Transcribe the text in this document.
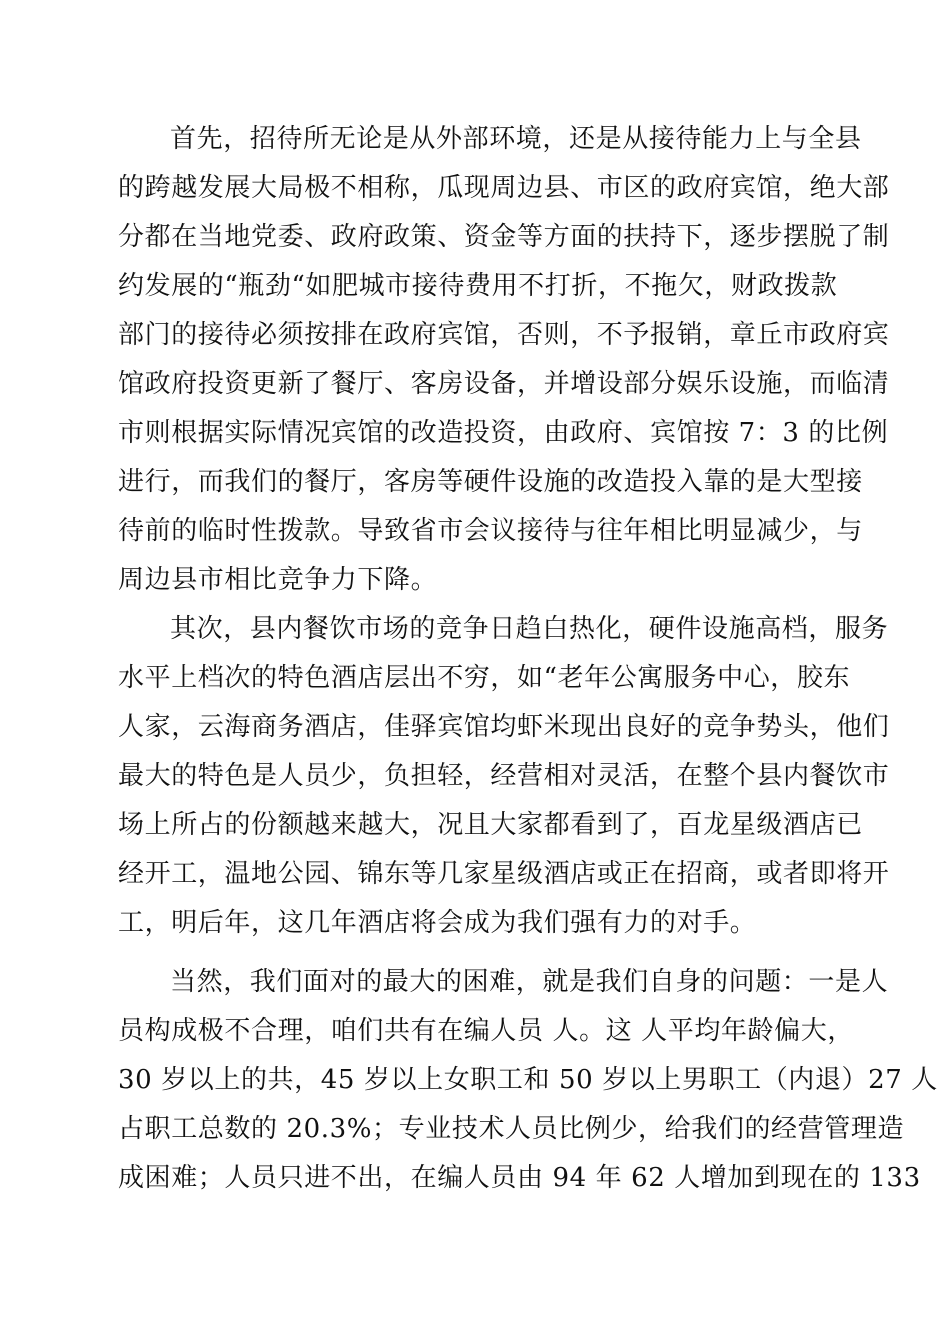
首先，招待所无论是从外部环境，还是从接待能力上与全县
的跨越发展大局极不相称，瓜现周边县、市区的政府宾馆，绝大部
分都在当地党委、政府政策、资金等方面的扶持下，逐步摆脱了制
约发展的“瓶劲“如肥城市接待费用不打折，不拖欠，财政拨款
部门的接待必须按排在政府宾馆，否则，不予报销，章丘市政府宾
馆政府投资更新了餐厅、客房设备，并增设部分娱乐设施，而临清
市则根据实际情况宾馆的改造投资，由政府、宾馆按 7：3 的比例
进行，而我们的餐厅，客房等硬件设施的改造投入靠的是大型接
待前的临时性拨款。导致省市会议接待与往年相比明显减少，与
周边县市相比竞争力下降。
其次，县内餐饮市场的竞争日趋白热化，硬件设施高档，服务
水平上档次的特色酒店层出不穷，如“老年公寓服务中心，胶东
人家，云海商务酒店，佳驿宾馆均虾米现出良好的竞争势头，他们
最大的特色是人员少，负担轻，经营相对灵活，在整个县内餐饮市
场上所占的份额越来越大，况且大家都看到了，百龙星级酒店已
经开工，温地公园、锦东等几家星级酒店或正在招商，或者即将开
工，明后年，这几年酒店将会成为我们强有力的对手。
当然，我们面对的最大的困难，就是我们自身的问题：一是人
员构成极不合理，咱们共有在编人员 人。这 人平均年龄偏大，
30 岁以上的共，45 岁以上女职工和 50 岁以上男职工（内退）27 人
占职工总数的 20.3%；专业技术人员比例少，给我们的经营管理造
成困难；人员只进不出，在编人员由 94 年 62 人增加到现在的 133
